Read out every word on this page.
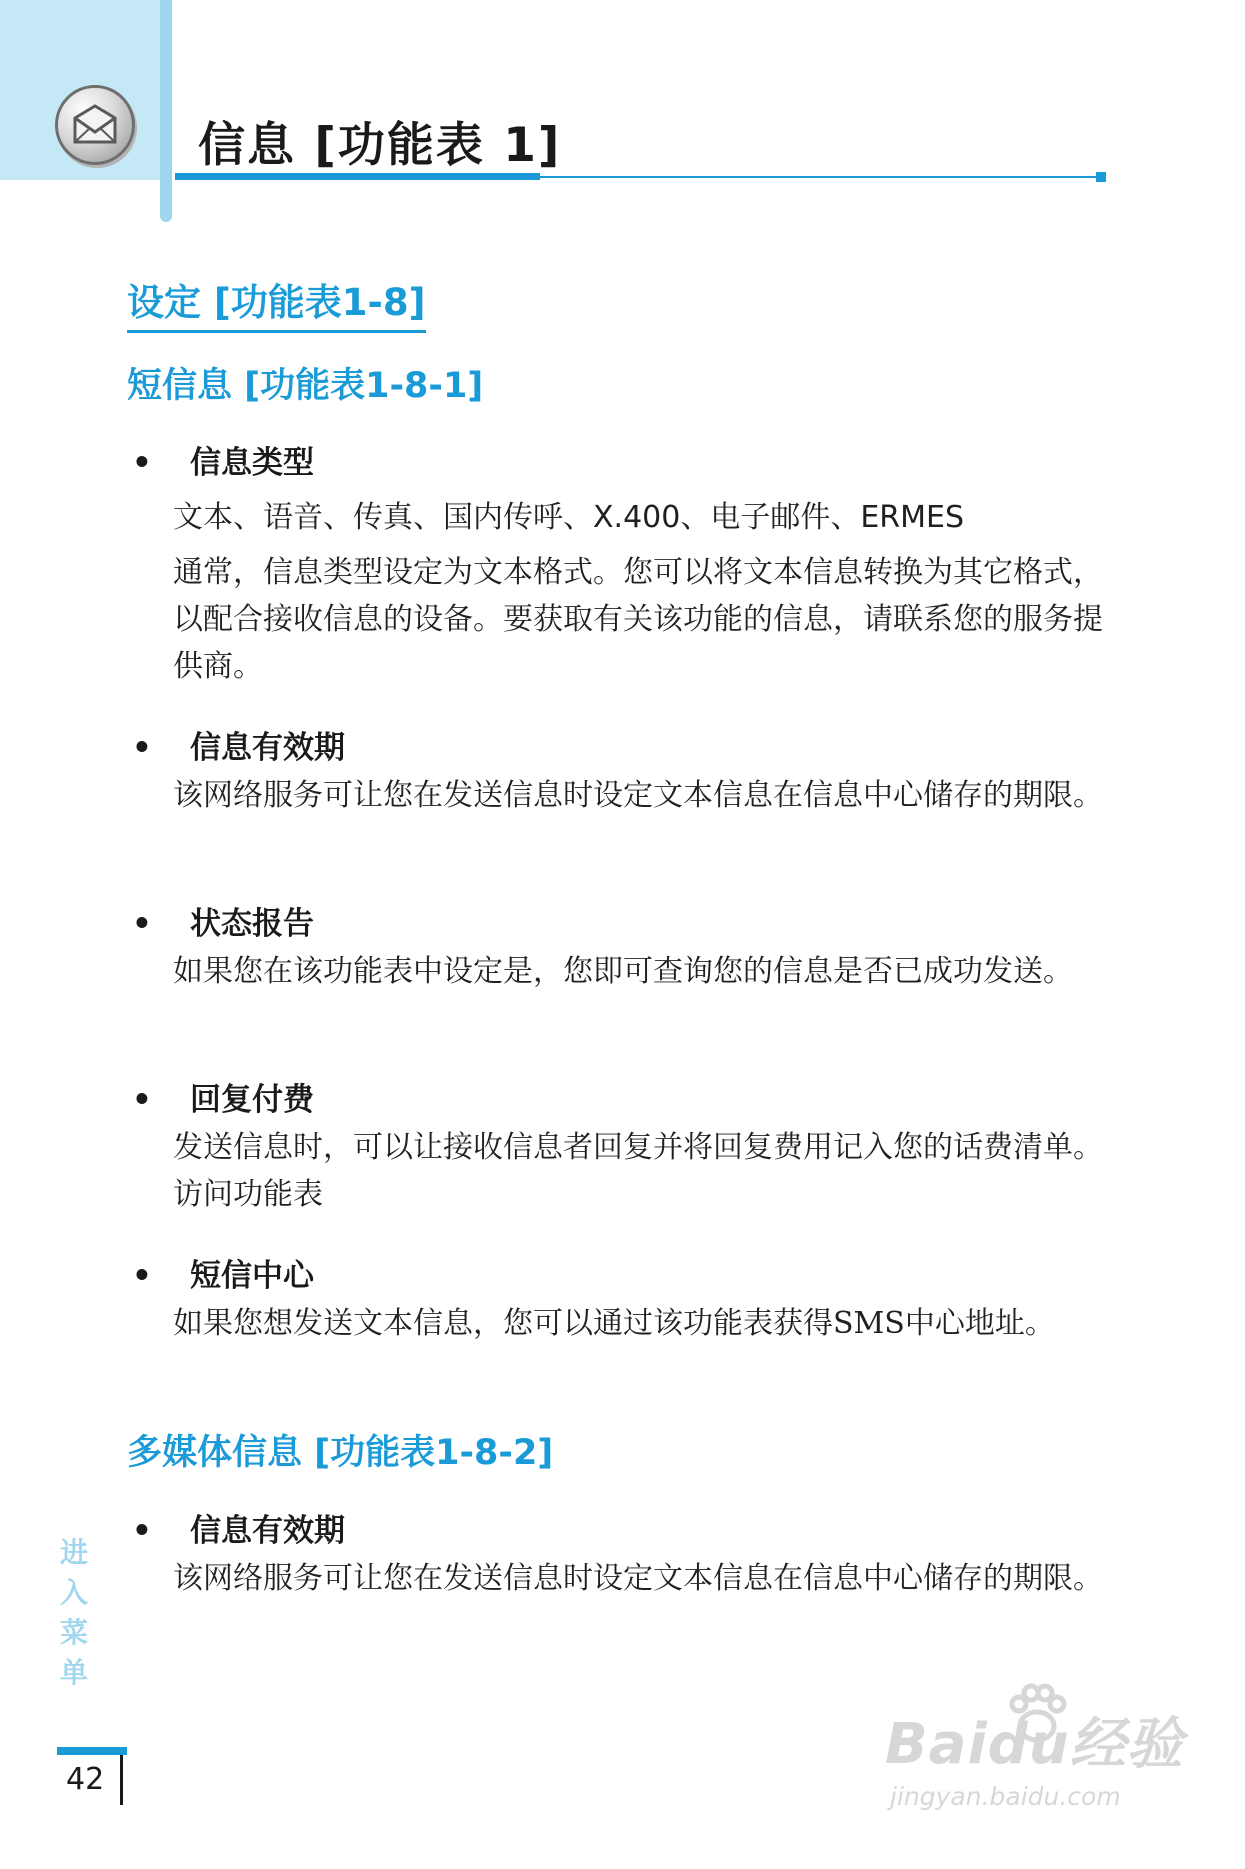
信息 [功能表 1]
设定 [功能表1-8]
短信息 [功能表1-8-1]
• 信息类型
文本、语音、传真、国内传呼、X.400、电子邮件、ERMES
通常，信息类型设定为文本格式。您可以将文本信息转换为其它格式，以配合接收信息的设备。要获取有关该功能的信息，请联系您的服务提供商。
• 信息有效期
该网络服务可让您在发送信息时设定文本信息在信息中心储存的期限。
• 状态报告
如果您在该功能表中设定是，您即可查询您的信息是否已成功发送。
• 回复付费
发送信息时，可以让接收信息者回复并将回复费用记入您的话费清单。访问功能表
• 短信中心
如果您想发送文本信息，您可以通过该功能表获得SMS中心地址。
多媒体信息 [功能表1-8-2]
• 信息有效期
该网络服务可让您在发送信息时设定文本信息在信息中心储存的期限。
进入菜单
42
Baidu经验
jingyan.baidu.com
